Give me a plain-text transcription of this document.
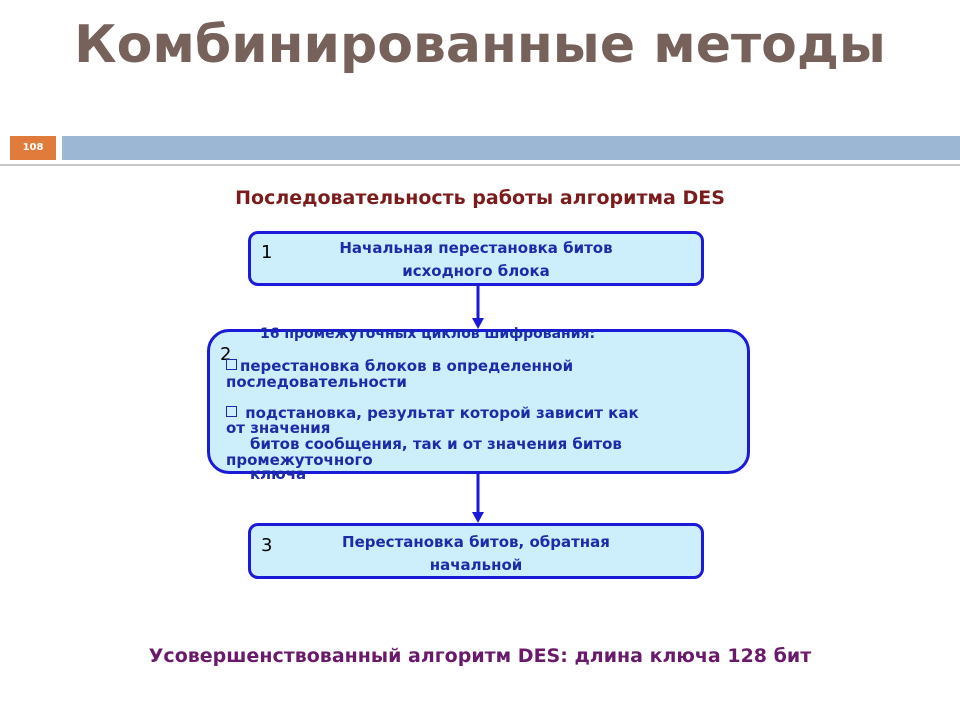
Комбинированные методы
108
Последовательность работы алгоритма DES
1	Начальная перестановка битов
исходного блока
16 промежуточных циклов шифрования:
2
перестановка блоков в определенной
последовательности
подстановка, результат которой зависит как
от значения
битов сообщения, так и от значения битов
промежуточного
ключа
3	Перестановка битов, обратная
начальной
Усовершенствованный алгоритм DES: длина ключа 128 бит
